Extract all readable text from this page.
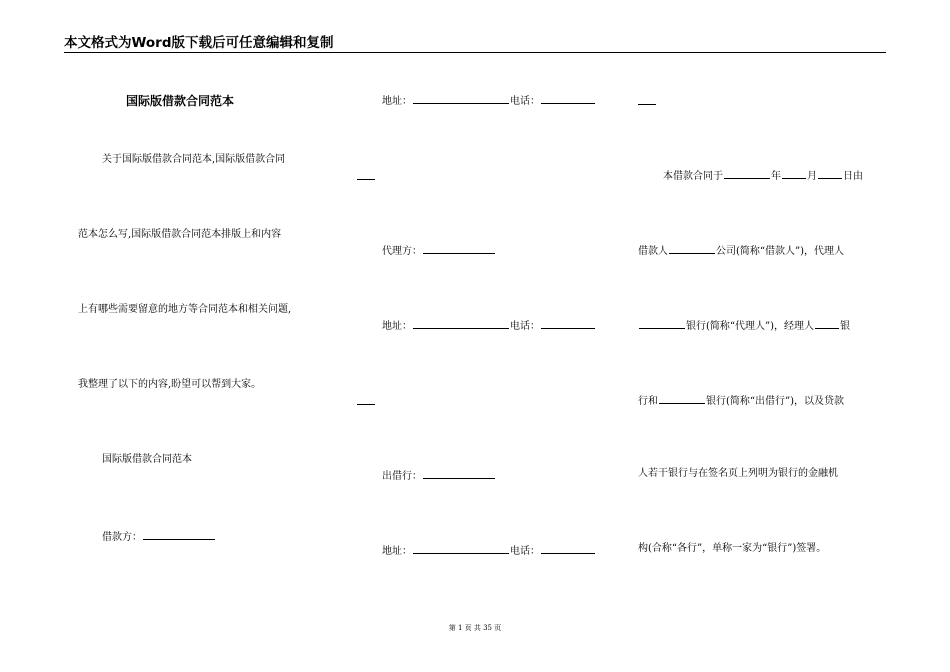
本文格式为Word版下载后可任意编辑和复制
国际版借款合同范本
关于国际版借款合同范本,国际版借款合同
范本怎么写,国际版借款合同范本排版上和内容
上有哪些需要留意的地方等合同范本和相关问题,
我整理了以下的内容,盼望可以帮到大家。
国际版借款合同范本
借款方：
地址：	电话：
代理方：
地址：	电话：
出借行：
地址：	电话：
本借款合同于	年	月	日由
借款人	公司(简称“借款人”)，代理人
银行(简称“代理人”)，经理人	银
行和	银行(简称“出借行”)，以及贷款
人若干银行与在签名页上列明为银行的金融机
构(合称“各行”，单称一家为“银行”)签署。
第 1 页 共 35 页
